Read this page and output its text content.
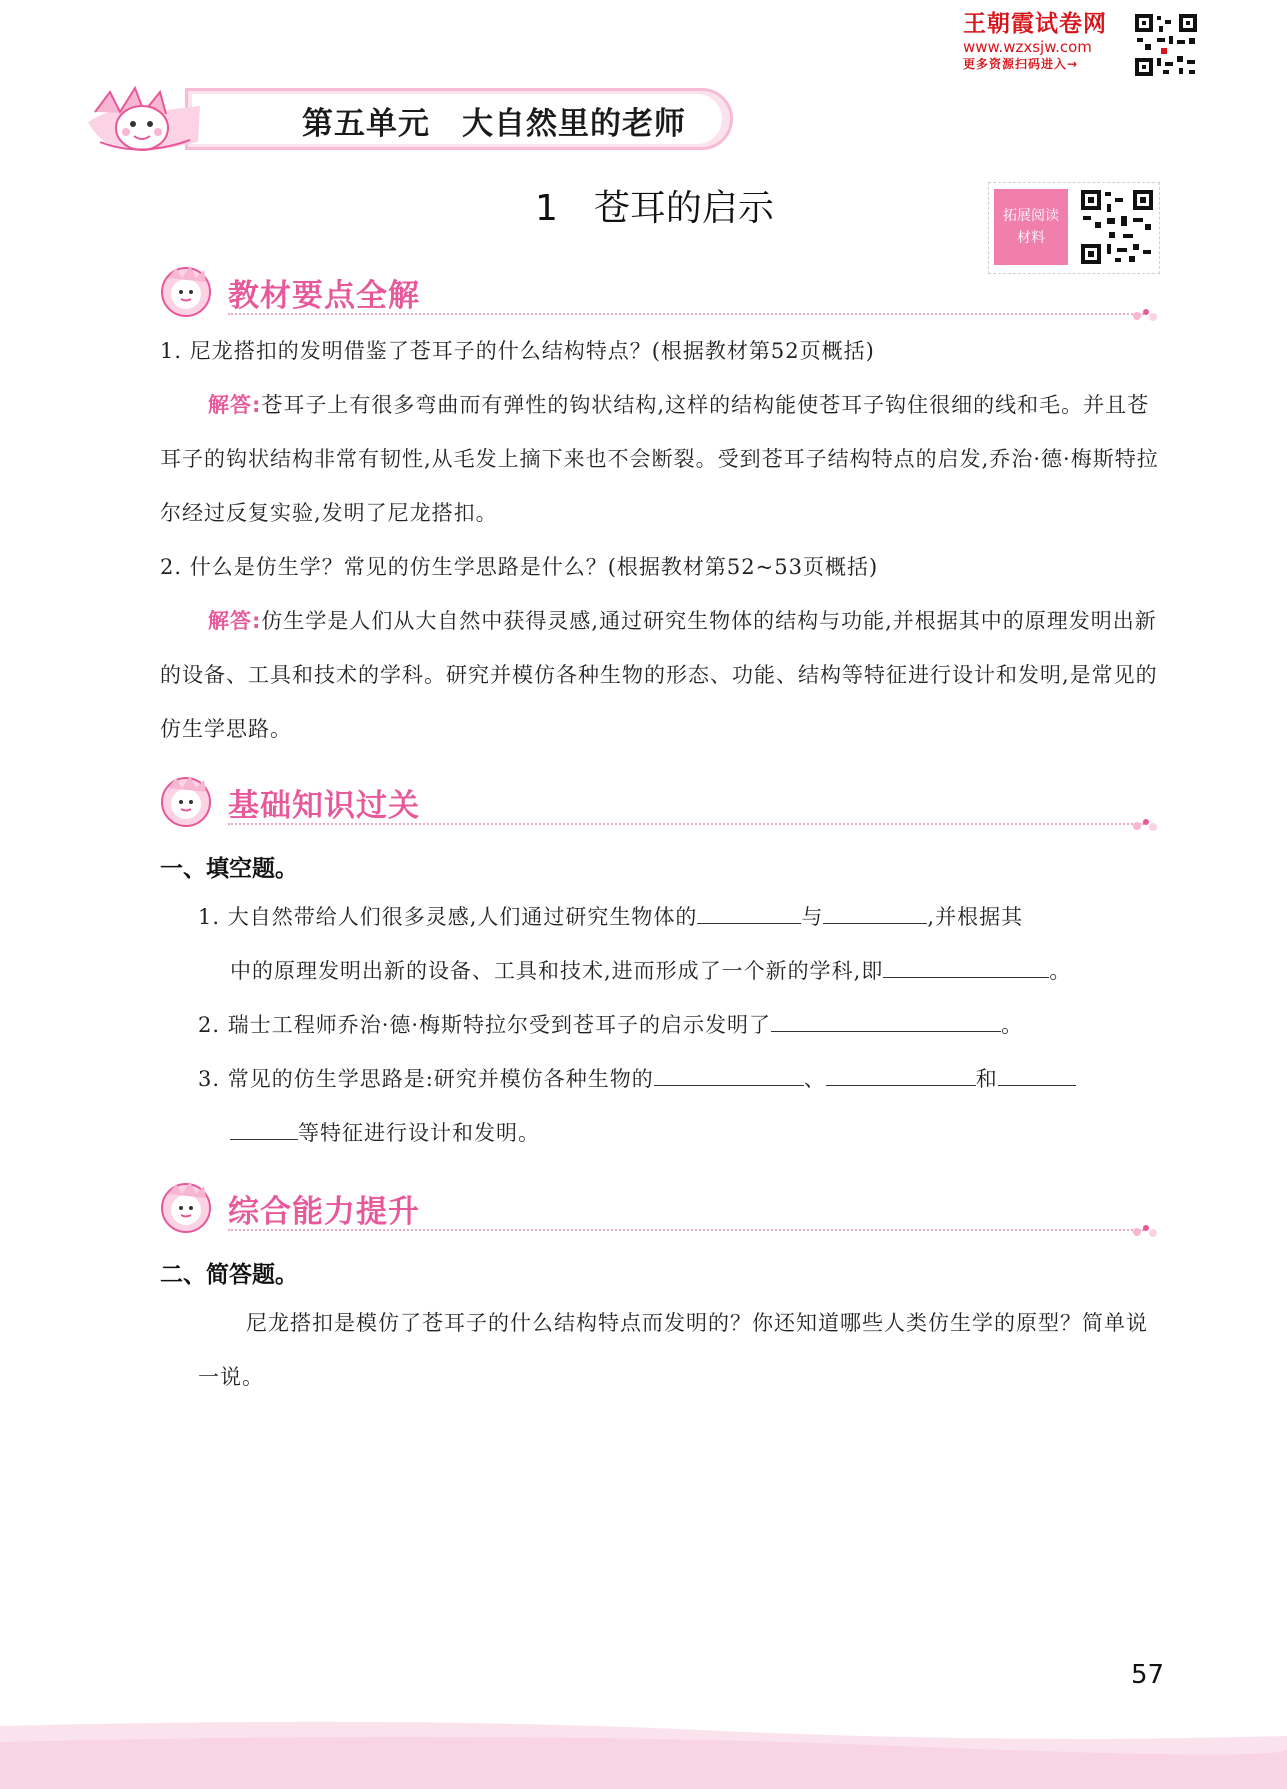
王朝霞试卷网
www.wzxsjw.com
更多资源扫码进入→
第五单元　大自然里的老师
1　苍耳的启示	拓展阅读
材料
教材要点全解
1. 尼龙搭扣的发明借鉴了苍耳子的什么结构特点？(根据教材第52页概括)
解答:苍耳子上有很多弯曲而有弹性的钩状结构,这样的结构能使苍耳子钩住很细的线和毛。并且苍耳子的钩状结构非常有韧性,从毛发上摘下来也不会断裂。受到苍耳子结构特点的启发,乔治·德·梅斯特拉尔经过反复实验,发明了尼龙搭扣。
2. 什么是仿生学？常见的仿生学思路是什么？(根据教材第52~53页概括)
解答:仿生学是人们从大自然中获得灵感,通过研究生物体的结构与功能,并根据其中的原理发明出新的设备、工具和技术的学科。研究并模仿各种生物的形态、功能、结构等特征进行设计和发明,是常见的仿生学思路。
基础知识过关
一、填空题。
1. 大自然带给人们很多灵感,人们通过研究生物体的	与	,并根据其
中的原理发明出新的设备、工具和技术,进而形成了一个新的学科,即	。
2. 瑞士工程师乔治·德·梅斯特拉尔受到苍耳子的启示发明了	。
3. 常见的仿生学思路是:研究并模仿各种生物的	、	和
等特征进行设计和发明。
综合能力提升
二、简答题。
尼龙搭扣是模仿了苍耳子的什么结构特点而发明的？你还知道哪些人类仿生学的原型？简单说一说。
57
